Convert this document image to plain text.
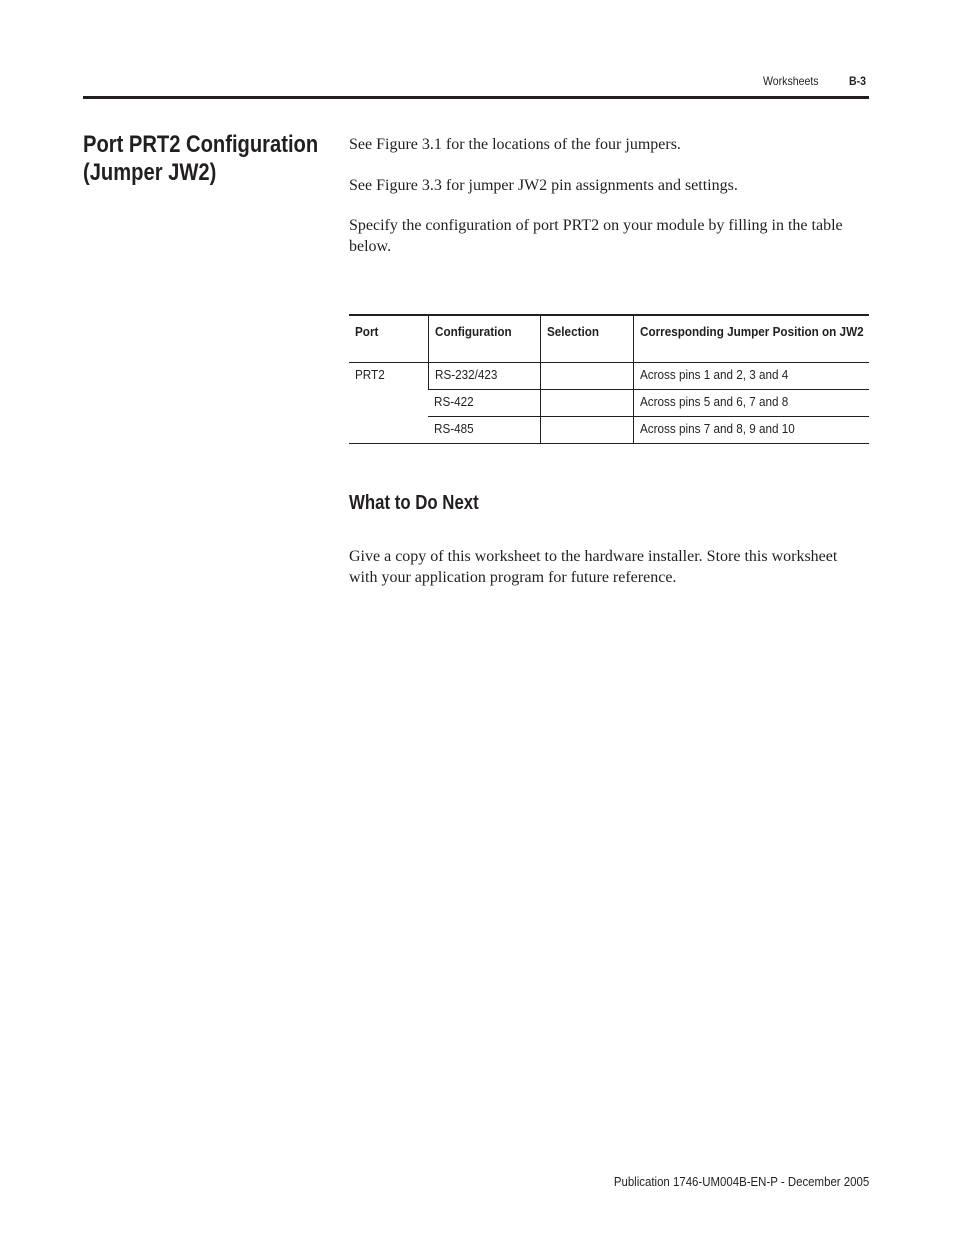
Worksheets	B-3
Port PRT2 Configuration
(Jumper JW2)
See Figure 3.1 for the locations of the four jumpers.
See Figure 3.3 for jumper JW2 pin assignments and settings.
Specify the configuration of port PRT2 on your module by filling in the table below.
Port	Configuration	Selection	Corresponding Jumper Position on JW2
PRT2	RS-232/423		Across pins 1 and 2, 3 and 4
	RS-422		Across pins 5 and 6, 7 and 8
	RS-485		Across pins 7 and 8, 9 and 10
What to Do Next
Give a copy of this worksheet to the hardware installer. Store this worksheet with your application program for future reference.
Publication 1746-UM004B-EN-P - December 2005
